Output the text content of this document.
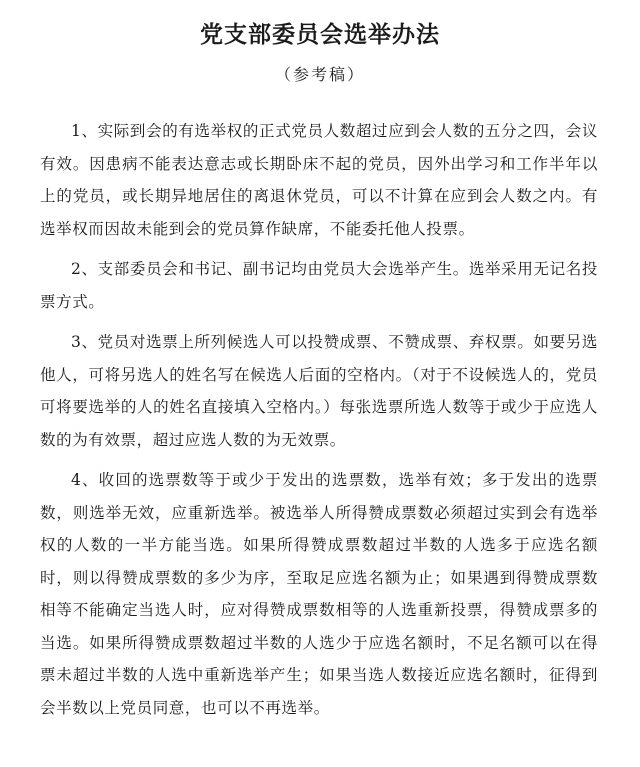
党支部委员会选举办法
（参考稿）

1、实际到会的有选举权的正式党员人数超过应到会人数的五分之四，会议有效。因患病不能表达意志或长期卧床不起的党员，因外出学习和工作半年以上的党员，或长期异地居住的离退休党员，可以不计算在应到会人数之内。有选举权而因故未能到会的党员算作缺席，不能委托他人投票。

2、支部委员会和书记、副书记均由党员大会选举产生。选举采用无记名投票方式。

3、党员对选票上所列候选人可以投赞成票、不赞成票、弃权票。如要另选他人，可将另选人的姓名写在候选人后面的空格内。（对于不设候选人的，党员可将要选举的人的姓名直接填入空格内。）每张选票所选人数等于或少于应选人数的为有效票，超过应选人数的为无效票。

4、收回的选票数等于或少于发出的选票数，选举有效；多于发出的选票数，则选举无效，应重新选举。被选举人所得赞成票数必须超过实到会有选举权的人数的一半方能当选。如果所得赞成票数超过半数的人选多于应选名额时，则以得赞成票数的多少为序，至取足应选名额为止；如果遇到得赞成票数相等不能确定当选人时，应对得赞成票数相等的人选重新投票，得赞成票多的当选。如果所得赞成票数超过半数的人选少于应选名额时，不足名额可以在得票未超过半数的人选中重新选举产生；如果当选人数接近应选名额时，征得到会半数以上党员同意，也可以不再选举。
